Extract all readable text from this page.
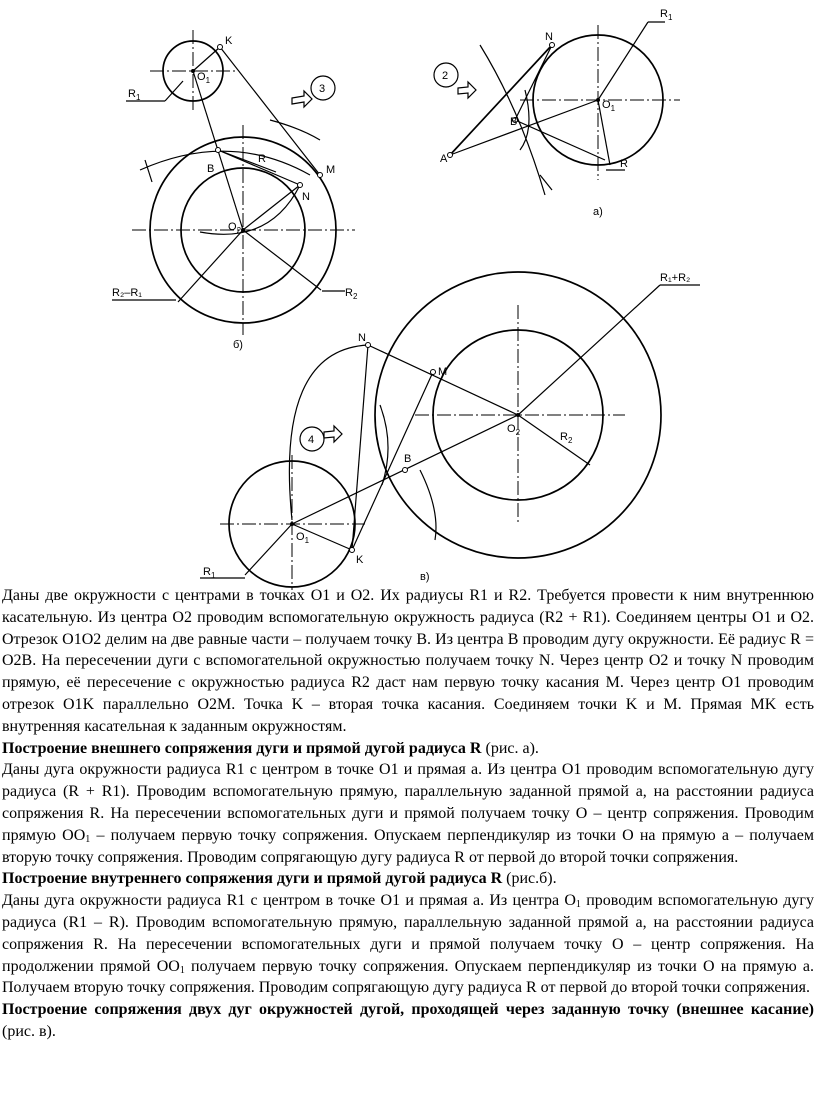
K
$O_1$
$R_1$
3
B
R
M
N
$O_2$
R₂–R₁	$R_2$
б)
N
$R_1$
$O_1$
B
A	R
2
а)
R₁+R₂
N
M
$O_2$	$R_2$
4
B
$O_1$
K
$R_1$	в)

Даны две окружности с центрами в точках O1 и O2. Их радиусы R1 и R2. Требуется провести к ним внутреннюю касательную. Из центра O2 проводим вспомогательную окружность радиуса (R2 + R1). Соединяем центры O1 и O2. Отрезок O1O2 делим на две равные части – получаем точку B. Из центра B проводим дугу окружности. Её радиус R = O2B. На пересечении дуги с вспомогательной окружностью получаем точку N. Через центр O2 и точку N проводим прямую, её пересечение с окружностью радиуса R2 даст нам первую точку касания M. Через центр O1 проводим отрезок O1K параллельно O2M. Точка K – вторая точка касания. Соединяем точки K и M. Прямая MK есть внутренняя касательная к заданным окружностям.

Построение внешнего сопряжения дуги и прямой дугой радиуса R (рис. а).

Даны дуга окружности радиуса R1 с центром в точке O1 и прямая a. Из центра O1 проводим вспомогательную дугу радиуса (R + R1). Проводим вспомогательную прямую, параллельную заданной прямой a, на расстоянии радиуса сопряжения R. На пересечении вспомогательных дуги и прямой получаем точку O – центр сопряжения. Проводим прямую $OO_1$ – получаем первую точку сопряжения. Опускаем перпендикуляр из точки O на прямую a – получаем вторую точку сопряжения. Проводим сопрягающую дугу радиуса R от первой до второй точки сопряжения.

Построение внутреннего сопряжения дуги и прямой дугой радиуса R (рис.б).

Даны дуга окружности радиуса R1 с центром в точке O1 и прямая a. Из центра $O_1$ проводим вспомогательную дугу радиуса (R1 – R). Проводим вспомогательную прямую, параллельную заданной прямой a, на расстоянии радиуса сопряжения R. На пересечении вспомогательных дуги и прямой получаем точку O – центр сопряжения. На продолжении прямой $OO_1$ получаем первую точку сопряжения. Опускаем перпендикуляр из точки O на прямую a. Получаем вторую точку сопряжения. Проводим сопрягающую дугу радиуса R от первой до второй точки сопряжения.

Построение сопряжения двух дуг окружностей дугой, проходящей через заданную точку (внешнее касание) (рис. в).
